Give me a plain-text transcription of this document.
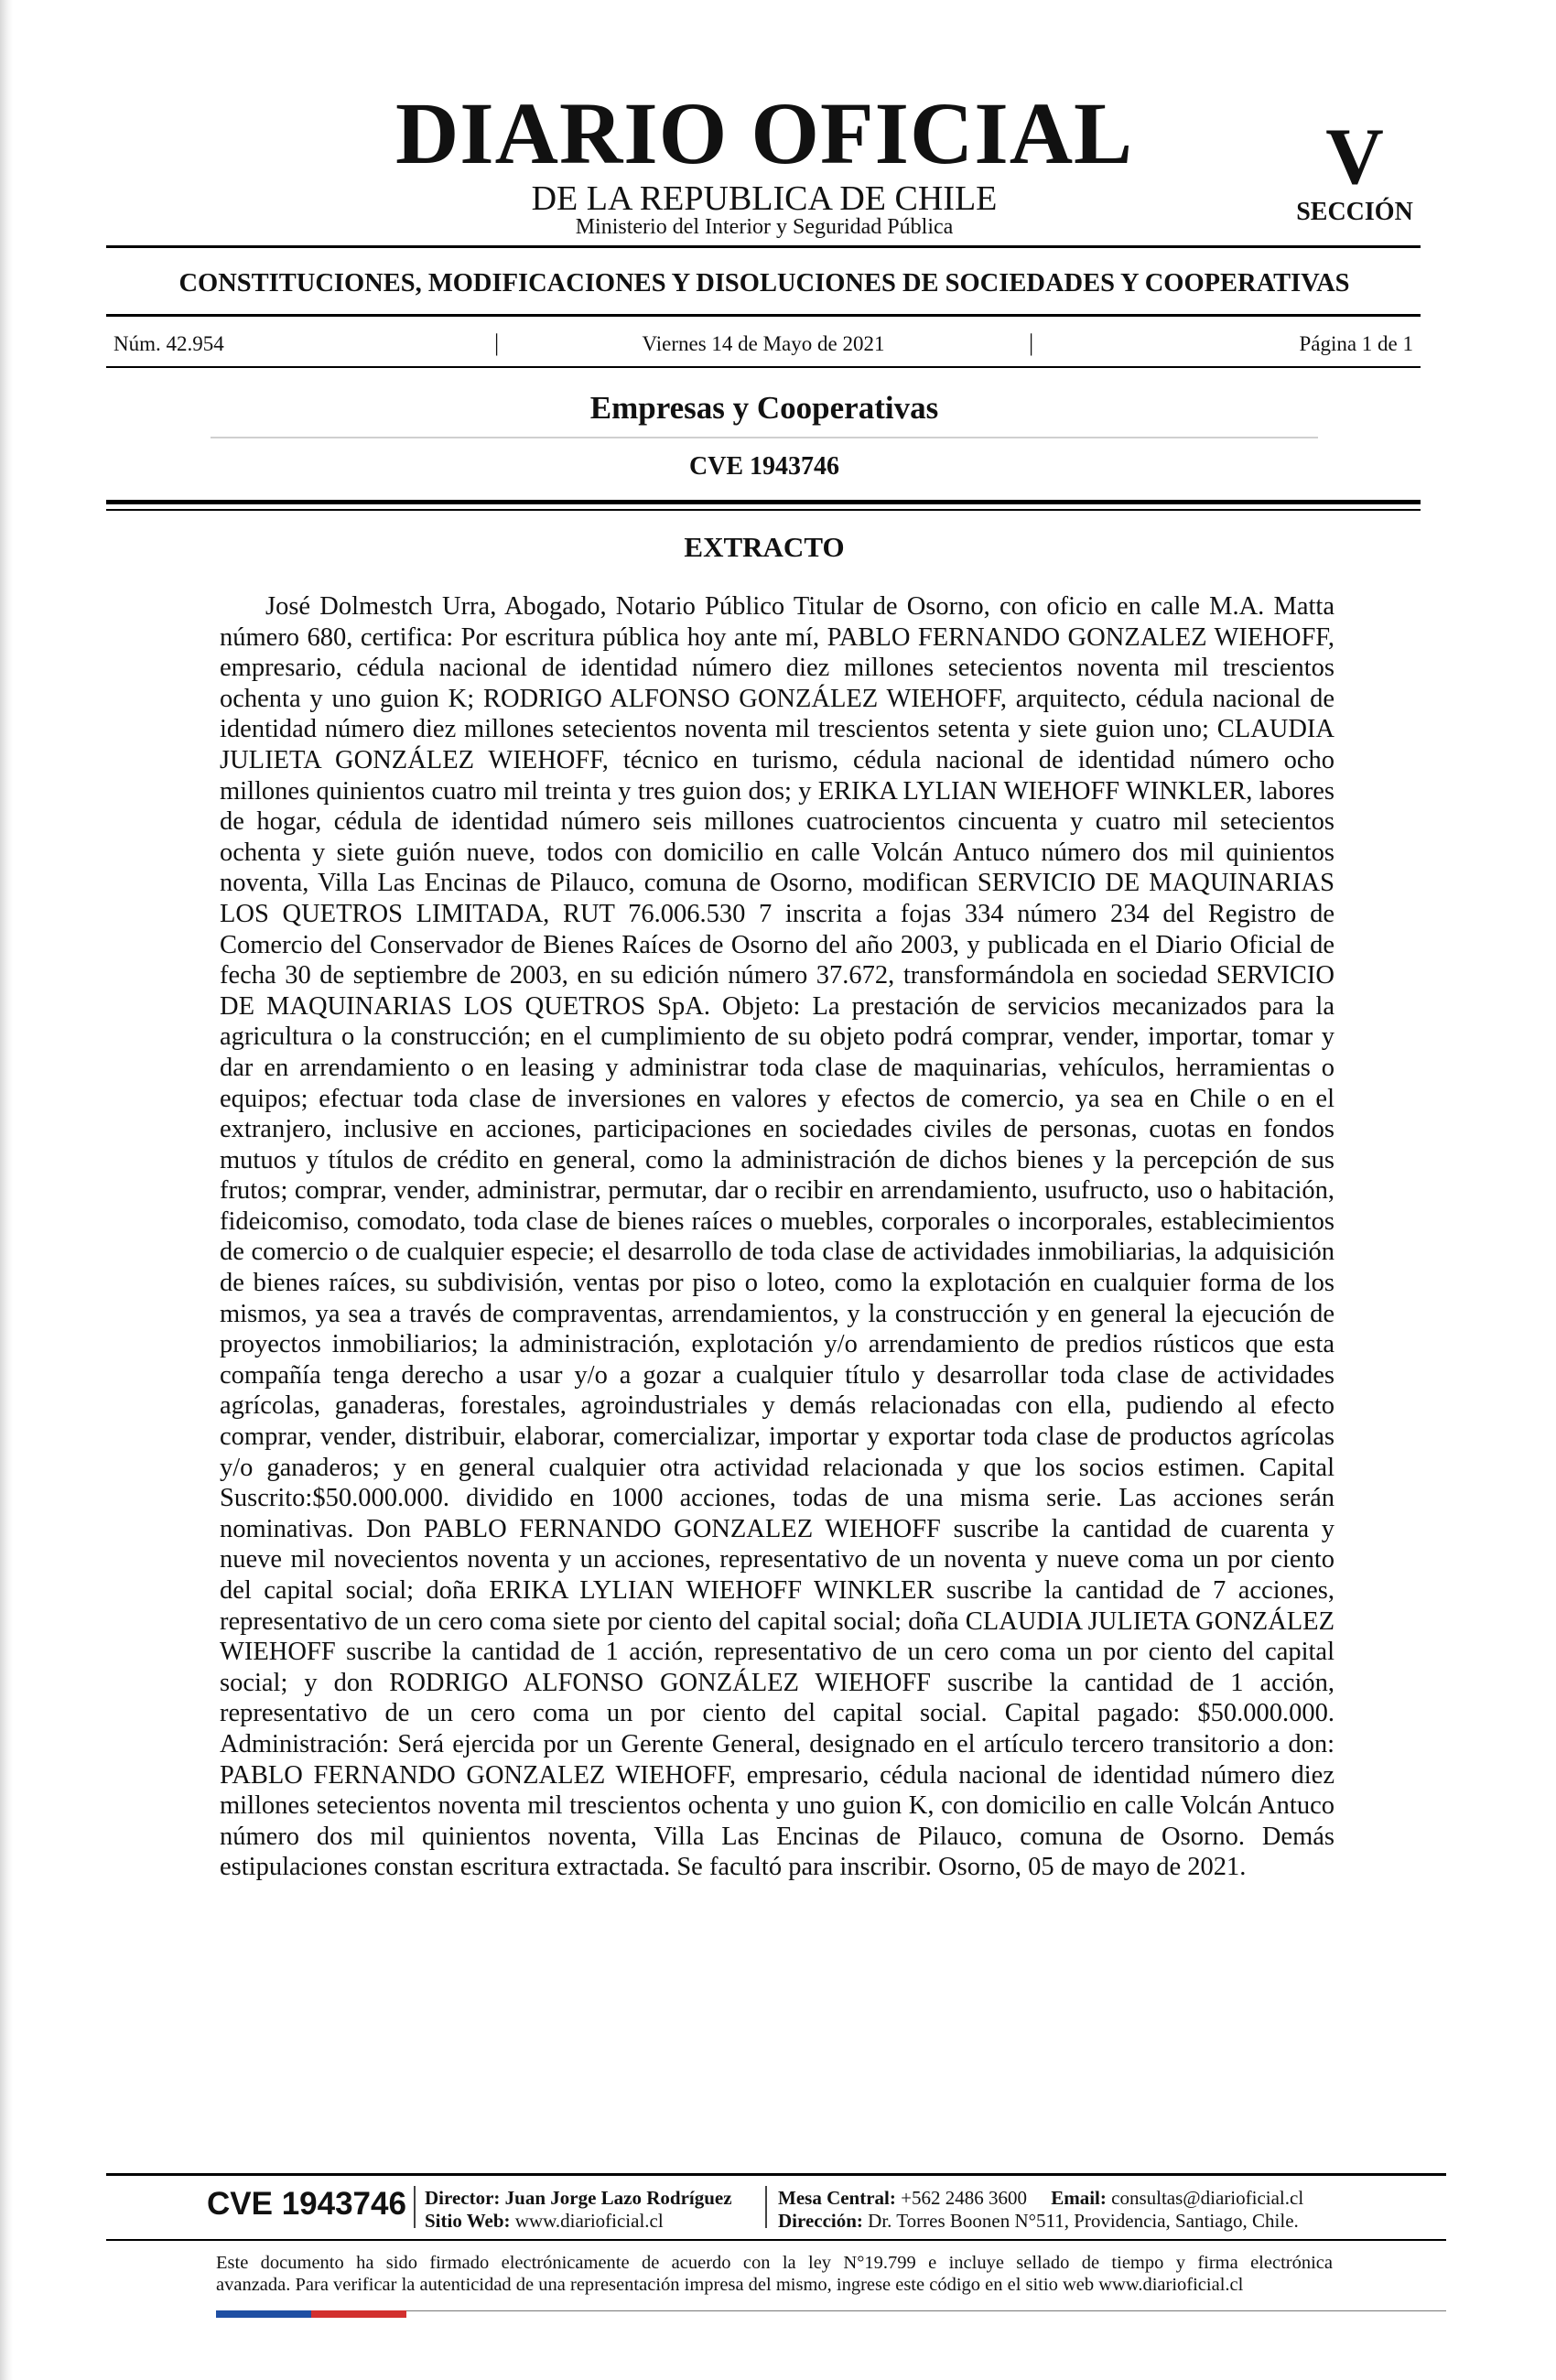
DIARIO OFICIAL
DE LA REPUBLICA DE CHILE
Ministerio del Interior y Seguridad Pública
V
SECCIÓN
CONSTITUCIONES, MODIFICACIONES Y DISOLUCIONES DE SOCIEDADES Y COOPERATIVAS
Núm. 42.954	|	Viernes 14 de Mayo de 2021	|	Página 1 de 1
Empresas y Cooperativas
CVE 1943746
EXTRACTO

José Dolmestch Urra, Abogado, Notario Público Titular de Osorno, con oficio en calle M.A. Matta número 680, certifica: Por escritura pública hoy ante mí, PABLO FERNANDO GONZALEZ WIEHOFF, empresario, cédula nacional de identidad número diez millones setecientos noventa mil trescientos ochenta y uno guion K; RODRIGO ALFONSO GONZÁLEZ WIEHOFF, arquitecto, cédula nacional de identidad número diez millones setecientos noventa mil trescientos setenta y siete guion uno; CLAUDIA JULIETA GONZÁLEZ WIEHOFF, técnico en turismo, cédula nacional de identidad número ocho millones quinientos cuatro mil treinta y tres guion dos; y ERIKA LYLIAN WIEHOFF WINKLER, labores de hogar, cédula de identidad número seis millones cuatrocientos cincuenta y cuatro mil setecientos ochenta y siete guión nueve, todos con domicilio en calle Volcán Antuco número dos mil quinientos noventa, Villa Las Encinas de Pilauco, comuna de Osorno, modifican SERVICIO DE MAQUINARIAS LOS QUETROS LIMITADA, RUT 76.006.530 7 inscrita a fojas 334 número 234 del Registro de Comercio del Conservador de Bienes Raíces de Osorno del año 2003, y publicada en el Diario Oficial de fecha 30 de septiembre de 2003, en su edición número 37.672, transformándola en sociedad SERVICIO DE MAQUINARIAS LOS QUETROS SpA. Objeto: La prestación de servicios mecanizados para la agricultura o la construcción; en el cumplimiento de su objeto podrá comprar, vender, importar, tomar y dar en arrendamiento o en leasing y administrar toda clase de maquinarias, vehículos, herramientas o equipos; efectuar toda clase de inversiones en valores y efectos de comercio, ya sea en Chile o en el extranjero, inclusive en acciones, participaciones en sociedades civiles de personas, cuotas en fondos mutuos y títulos de crédito en general, como la administración de dichos bienes y la percepción de sus frutos; comprar, vender, administrar, permutar, dar o recibir en arrendamiento, usufructo, uso o habitación, fideicomiso, comodato, toda clase de bienes raíces o muebles, corporales o incorporales, establecimientos de comercio o de cualquier especie; el desarrollo de toda clase de actividades inmobiliarias, la adquisición de bienes raíces, su subdivisión, ventas por piso o loteo, como la explotación en cualquier forma de los mismos, ya sea a través de compraventas, arrendamientos, y la construcción y en general la ejecución de proyectos inmobiliarios; la administración, explotación y/o arrendamiento de predios rústicos que esta compañía tenga derecho a usar y/o a gozar a cualquier título y desarrollar toda clase de actividades agrícolas, ganaderas, forestales, agroindustriales y demás relacionadas con ella, pudiendo al efecto comprar, vender, distribuir, elaborar, comercializar, importar y exportar toda clase de productos agrícolas y/o ganaderos; y en general cualquier otra actividad relacionada y que los socios estimen. Capital Suscrito:$50.000.000. dividido en 1000 acciones, todas de una misma serie. Las acciones serán nominativas. Don PABLO FERNANDO GONZALEZ WIEHOFF suscribe la cantidad de cuarenta y nueve mil novecientos noventa y un acciones, representativo de un noventa y nueve coma un por ciento del capital social; doña ERIKA LYLIAN WIEHOFF WINKLER suscribe la cantidad de 7 acciones, representativo de un cero coma siete por ciento del capital social; doña CLAUDIA JULIETA GONZÁLEZ WIEHOFF suscribe la cantidad de 1 acción, representativo de un cero coma un por ciento del capital social; y don RODRIGO ALFONSO GONZÁLEZ WIEHOFF suscribe la cantidad de 1 acción, representativo de un cero coma un por ciento del capital social. Capital pagado: $50.000.000. Administración: Será ejercida por un Gerente General, designado en el artículo tercero transitorio a don: PABLO FERNANDO GONZALEZ WIEHOFF, empresario, cédula nacional de identidad número diez millones setecientos noventa mil trescientos ochenta y uno guion K, con domicilio en calle Volcán Antuco número dos mil quinientos noventa, Villa Las Encinas de Pilauco, comuna de Osorno. Demás estipulaciones constan escritura extractada. Se facultó para inscribir. Osorno, 05 de mayo de 2021.

CVE 1943746 Director: Juan Jorge Lazo Rodríguez
Sitio Web: www.diarioficial.cl
Mesa Central: +562 2486 3600 Email: consultas@diarioficial.cl
Dirección: Dr. Torres Boonen N°511, Providencia, Santiago, Chile.
Este documento ha sido firmado electrónicamente de acuerdo con la ley N°19.799 e incluye sellado de tiempo y firma electrónica
avanzada. Para verificar la autenticidad de una representación impresa del mismo, ingrese este código en el sitio web www.diarioficial.cl
